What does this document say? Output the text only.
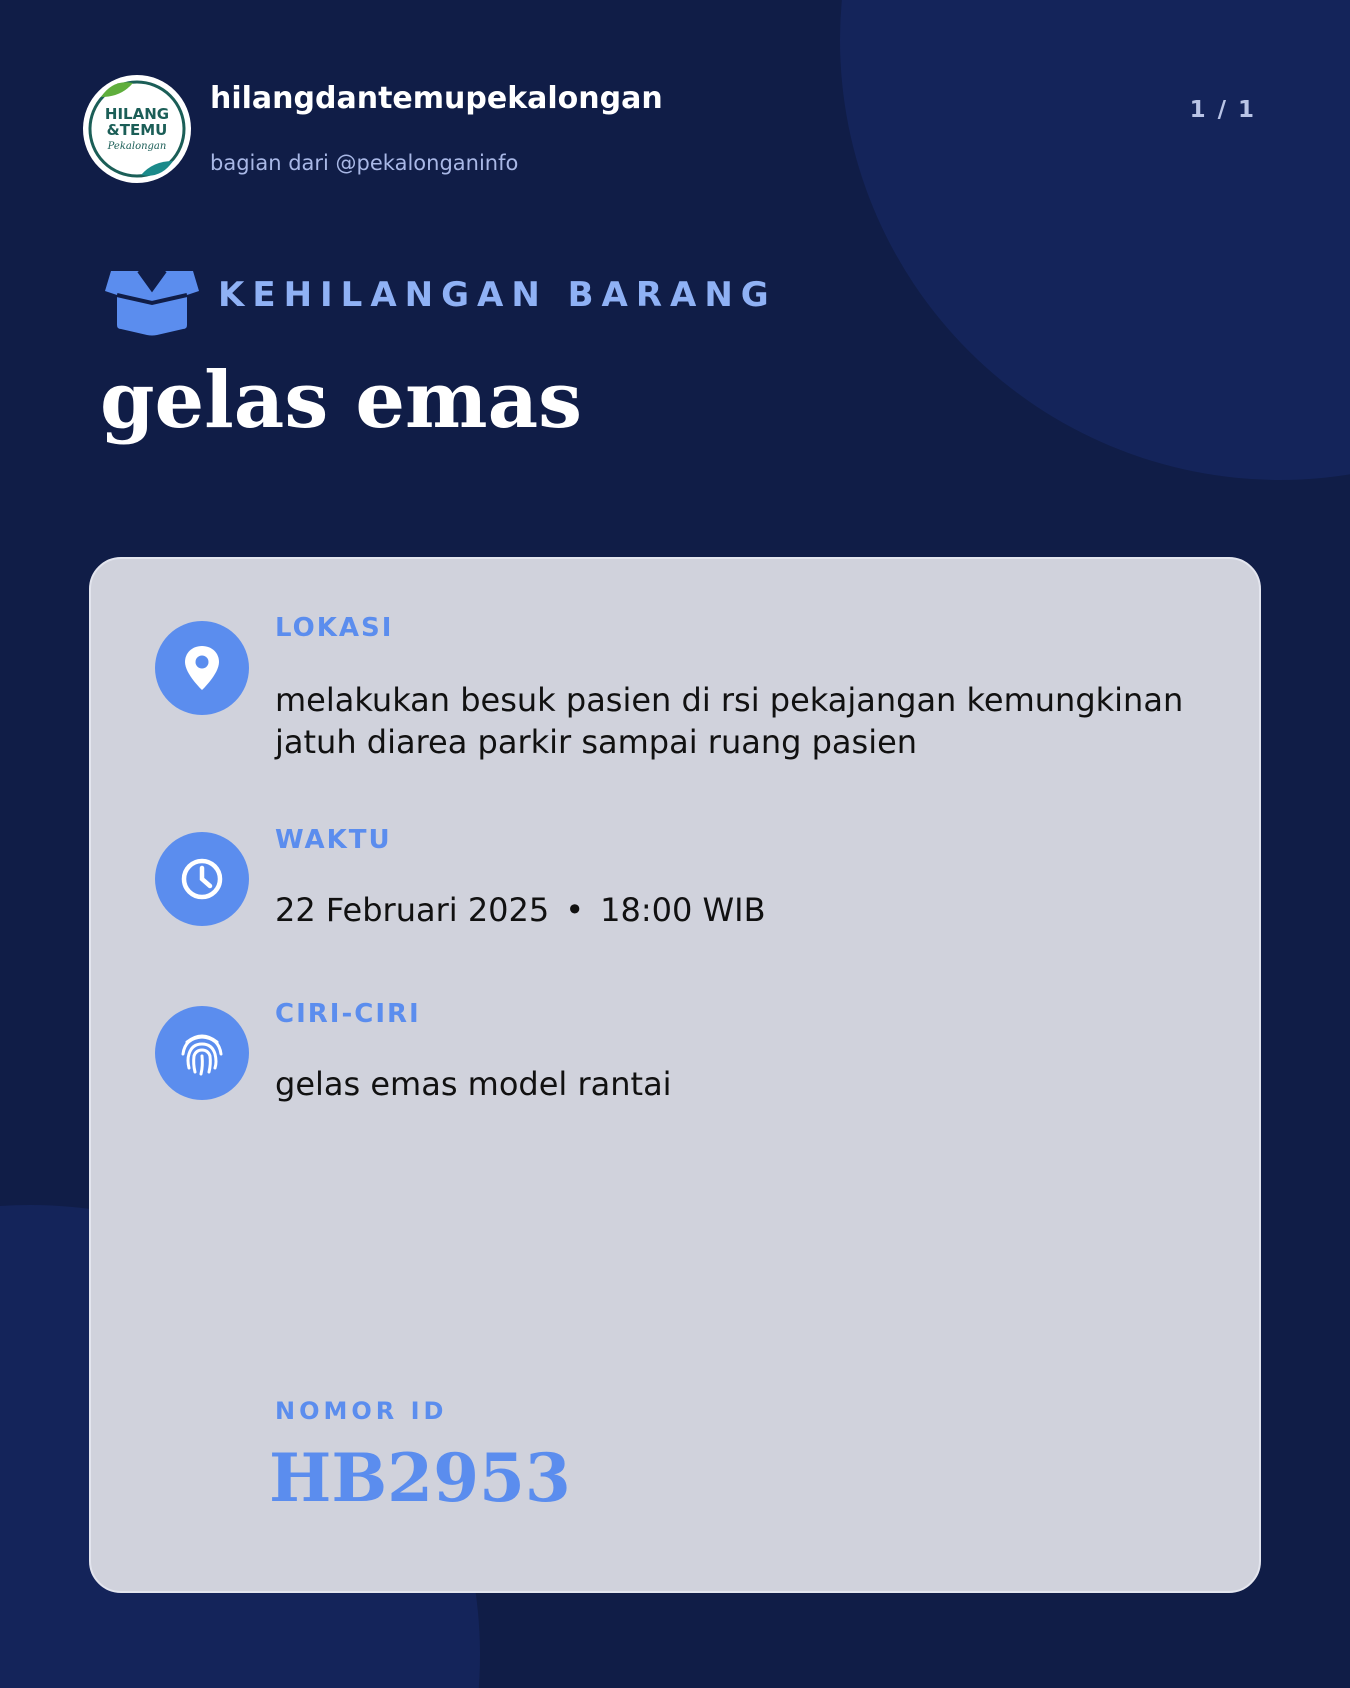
HILANG
&TEMU
Pekalongan
hilangdantemupekalongan
bagian dari @pekalonganinfo
1 / 1
KEHILANGAN BARANG
gelas emas
LOKASI
melakukan besuk pasien di rsi pekajangan kemungkinan jatuh diarea parkir sampai ruang pasien
WAKTU
22 Februari 2025 • 18:00 WIB
CIRI-CIRI
gelas emas model rantai
NOMOR ID
HB2953
